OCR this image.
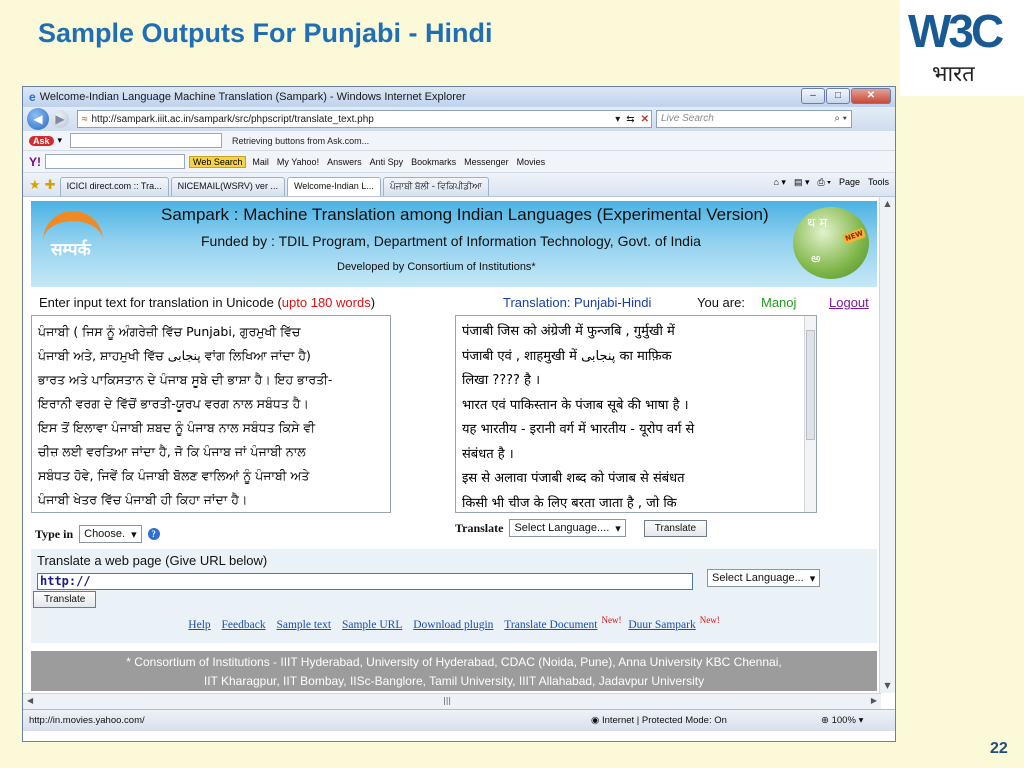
Sample Outputs For Punjabi - Hindi	W3C
भारत
e Welcome-Indian Language Machine Translation (Sampark) - Windows Internet Explorer	–	□	✕
◀	▶	≈ http://sampark.iiit.ac.in/sampark/src/phpscript/translate_text.php	▾ ⇆ ✕	Live Search	⌕ ▾
Ask ▾	Retrieving buttons from Ask.com...
Y!	Web Search	Mail My Yahoo! Answers Anti Spy Bookmarks Messenger Movies
★ ✚	ICICI direct.com :: Tra...	NICEMAIL(WSRV) ver ...	Welcome-Indian L...	ਪੰਜਾਬੀ ਬੋਲੀ - ਵਿਕਿਪੀਡੀਆ	⌂ ▾ ▤ ▾ ⎙ ▾ Page Tools
सम्पर्क
Sampark : Machine Translation among Indian Languages (Experimental Version)
Funded by : TDIL Program, Department of Information Technology, Govt. of India
Developed by Consortium of Institutions*
थ म
NEW
అ
Enter input text for translation in Unicode (upto 180 words)	Translation: Punjabi-Hindi	You are: Manoj	Logout
ਪੰਜਾਬੀ ( ਜਿਸ ਨੂੰ ਅੰਗਰੇਜ਼ੀ ਵਿੱਚ Punjabi, ਗੁਰਮੁਖੀ ਵਿੱਚ
ਪੰਜਾਬੀ ਅਤੇ, ਸ਼ਾਹਮੁਖੀ ਵਿੱਚ پنجابی ਵਾਂਗ ਲਿਖਿਆ ਜਾਂਦਾ ਹੈ)
ਭਾਰਤ ਅਤੇ ਪਾਕਿਸਤਾਨ ਦੇ ਪੰਜਾਬ ਸੂਬੇ ਦੀ ਭਾਸ਼ਾ ਹੈ। ਇਹ ਭਾਰਤੀ-
ਇਰਾਨੀ ਵਰਗ ਦੇ ਵਿੱਚੋਂ ਭਾਰਤੀ-ਯੂਰਪ ਵਰਗ ਨਾਲ ਸਬੰਧਤ ਹੈ।
ਇਸ ਤੋਂ ਇਲਾਵਾ ਪੰਜਾਬੀ ਸ਼ਬਦ ਨੂੰ ਪੰਜਾਬ ਨਾਲ ਸਬੰਧਤ ਕਿਸੇ ਵੀ
ਚੀਜ਼ ਲਈ ਵਰਤਿਆ ਜਾਂਦਾ ਹੈ, ਜੋ ਕਿ ਪੰਜਾਬ ਜਾਂ ਪੰਜਾਬੀ ਨਾਲ
ਸਬੰਧਤ ਹੋਵੇ, ਜਿਵੇਂ ਕਿ ਪੰਜਾਬੀ ਬੋਲਣ ਵਾਲਿਆਂ ਨੂੰ ਪੰਜਾਬੀ ਅਤੇ
ਪੰਜਾਬੀ ਖੇਤਰ ਵਿੱਚ ਪੰਜਾਬੀ ਹੀ ਕਿਹਾ ਜਾਂਦਾ ਹੈ।
पंजाबी जिस को अंग्रेजी में फुन्जबि , गुर्मुखी में
पंजाबी एवं , शाहमुखी में پنجابی का माफ़िक
लिखा ???? है ।
भारत एवं पाकिस्तान के पंजाब सूबे की भाषा है ।
यह भारतीय - इरानी वर्ग में भारतीय - यूरोप वर्ग से
संबंधत है ।
इस से अलावा पंजाबी शब्द को पंजाब से संबंधत
किसी भी चीज के लिए बरता जाता है , जो कि
Type in Choose. ▾	?	Translate Select Language.... ▾	Translate
Translate a web page (Give URL below)
http://	Select Language... ▾
Translate
Help Feedback Sample text Sample URL Download plugin Translate Document $^{New!}$ Duur Sampark $^{New!}$
* Consortium of Institutions - IIIT Hyderabad, University of Hyderabad, CDAC (Noida, Pune), Anna University KBC Chennai,
IIT Kharagpur, IIT Bombay, IISc-Banglore, Tamil University, IIIT Allahabad, Jadavpur University
▲
▼
◀	|||	▶
http://in.movies.yahoo.com/	◉ Internet | Protected Mode: On	⊕ 100% ▾
22
